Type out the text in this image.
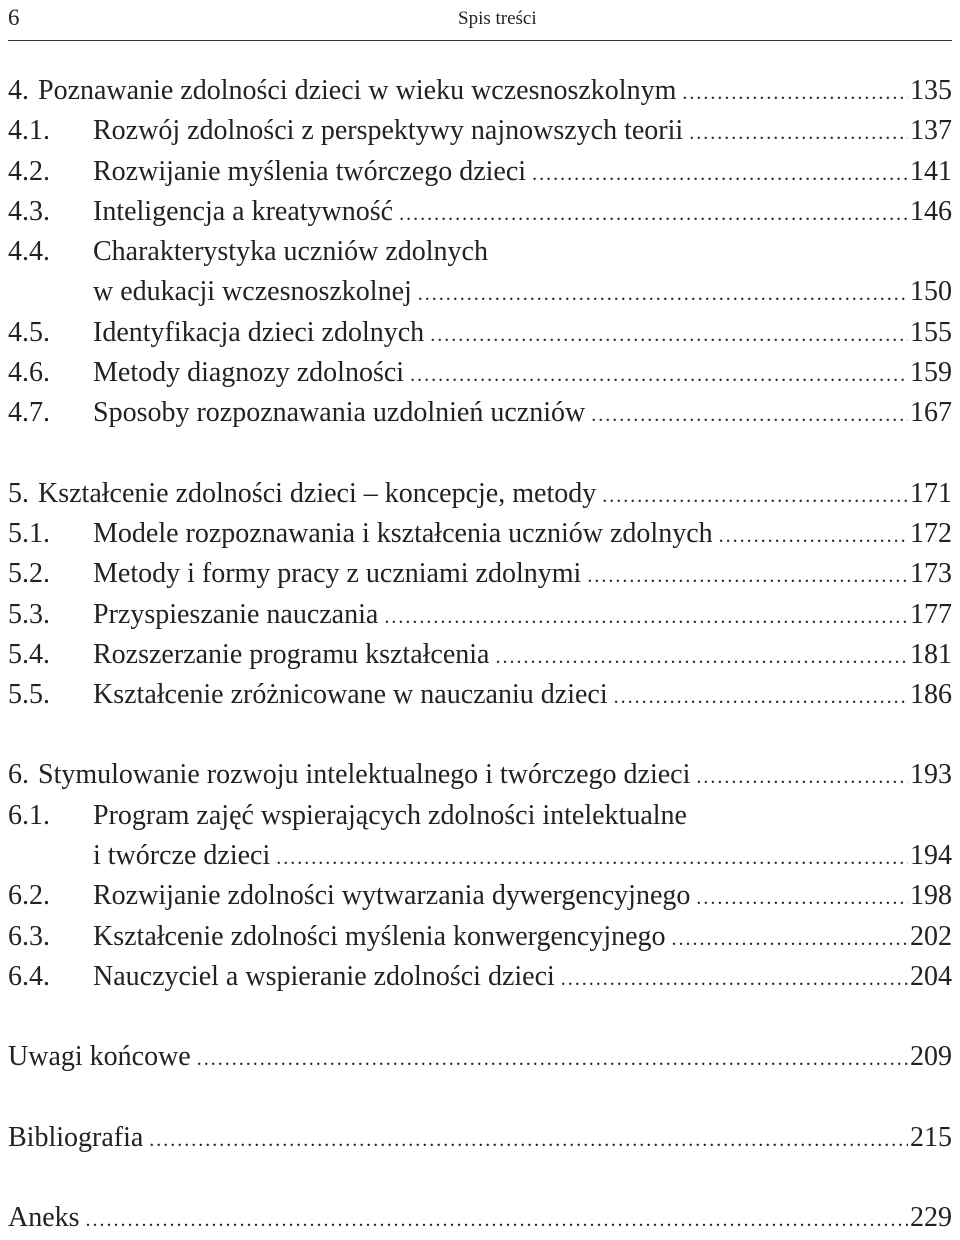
6	Spis treści
4. Poznawanie zdolności dzieci w wieku wczesnoszkolnym .....	135
4.1.	Rozwój zdolności z perspektywy najnowszych teorii .....	137
4.2.	Rozwijanie myślenia twórczego dzieci .....	141
4.3.	Inteligencja a kreatywność .....	146
4.4.	Charakterystyka uczniów zdolnych
w edukacji wczesnoszkolnej .....	150
4.5.	Identyfikacja dzieci zdolnych .....	155
4.6.	Metody diagnozy zdolności .....	159
4.7.	Sposoby rozpoznawania uzdolnień uczniów .....	167
5. Kształcenie zdolności dzieci – koncepcje, metody .....	171
5.1.	Modele rozpoznawania i kształcenia uczniów zdolnych .....	172
5.2.	Metody i formy pracy z uczniami zdolnymi .....	173
5.3.	Przyspieszanie nauczania .....	177
5.4.	Rozszerzanie programu kształcenia .....	181
5.5.	Kształcenie zróżnicowane w nauczaniu dzieci .....	186
6. Stymulowanie rozwoju intelektualnego i twórczego dzieci .....	193
6.1.	Program zajęć wspierających zdolności intelektualne
i twórcze dzieci .....	194
6.2.	Rozwijanie zdolności wytwarzania dywergencyjnego .....	198
6.3.	Kształcenie zdolności myślenia konwergencyjnego .....	202
6.4.	Nauczyciel a wspieranie zdolności dzieci .....	204
Uwagi końcowe .....	209
Bibliografia .....	215
Aneks .....	229
